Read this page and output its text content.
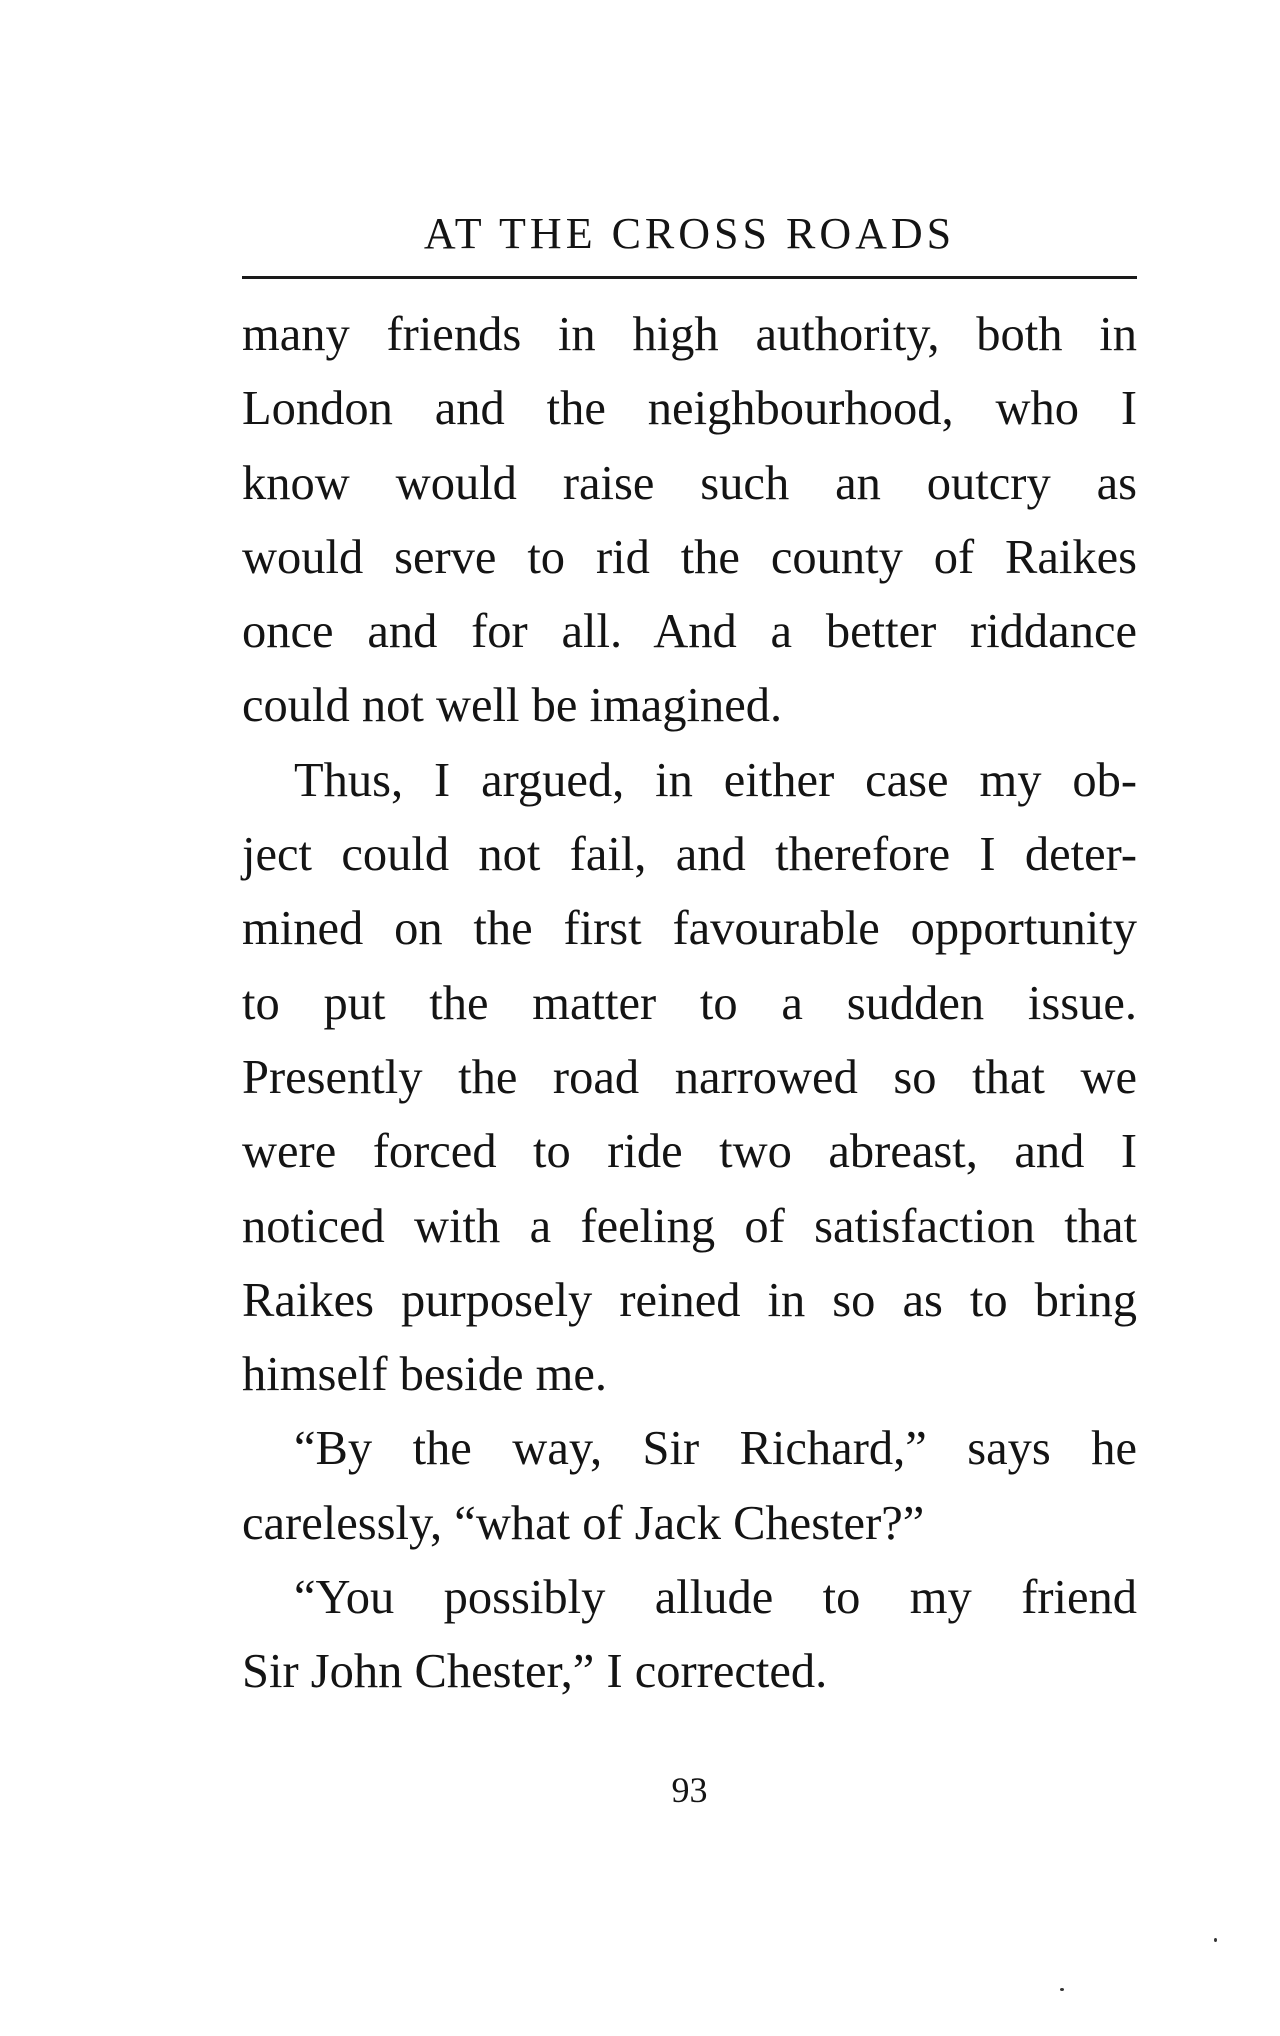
AT THE CROSS ROADS
many friends in high authority, both in
London and the neighbourhood, who I
know would raise such an outcry as
would serve to rid the county of Raikes
once and for all. And a better riddance
could not well be imagined.
Thus, I argued, in either case my ob-
ject could not fail, and therefore I deter-
mined on the first favourable opportunity
to put the matter to a sudden issue.
Presently the road narrowed so that we
were forced to ride two abreast, and I
noticed with a feeling of satisfaction that
Raikes purposely reined in so as to bring
himself beside me.
“By the way, Sir Richard,” says he
carelessly, “what of Jack Chester?”
“You possibly allude to my friend
Sir John Chester,” I corrected.
93
